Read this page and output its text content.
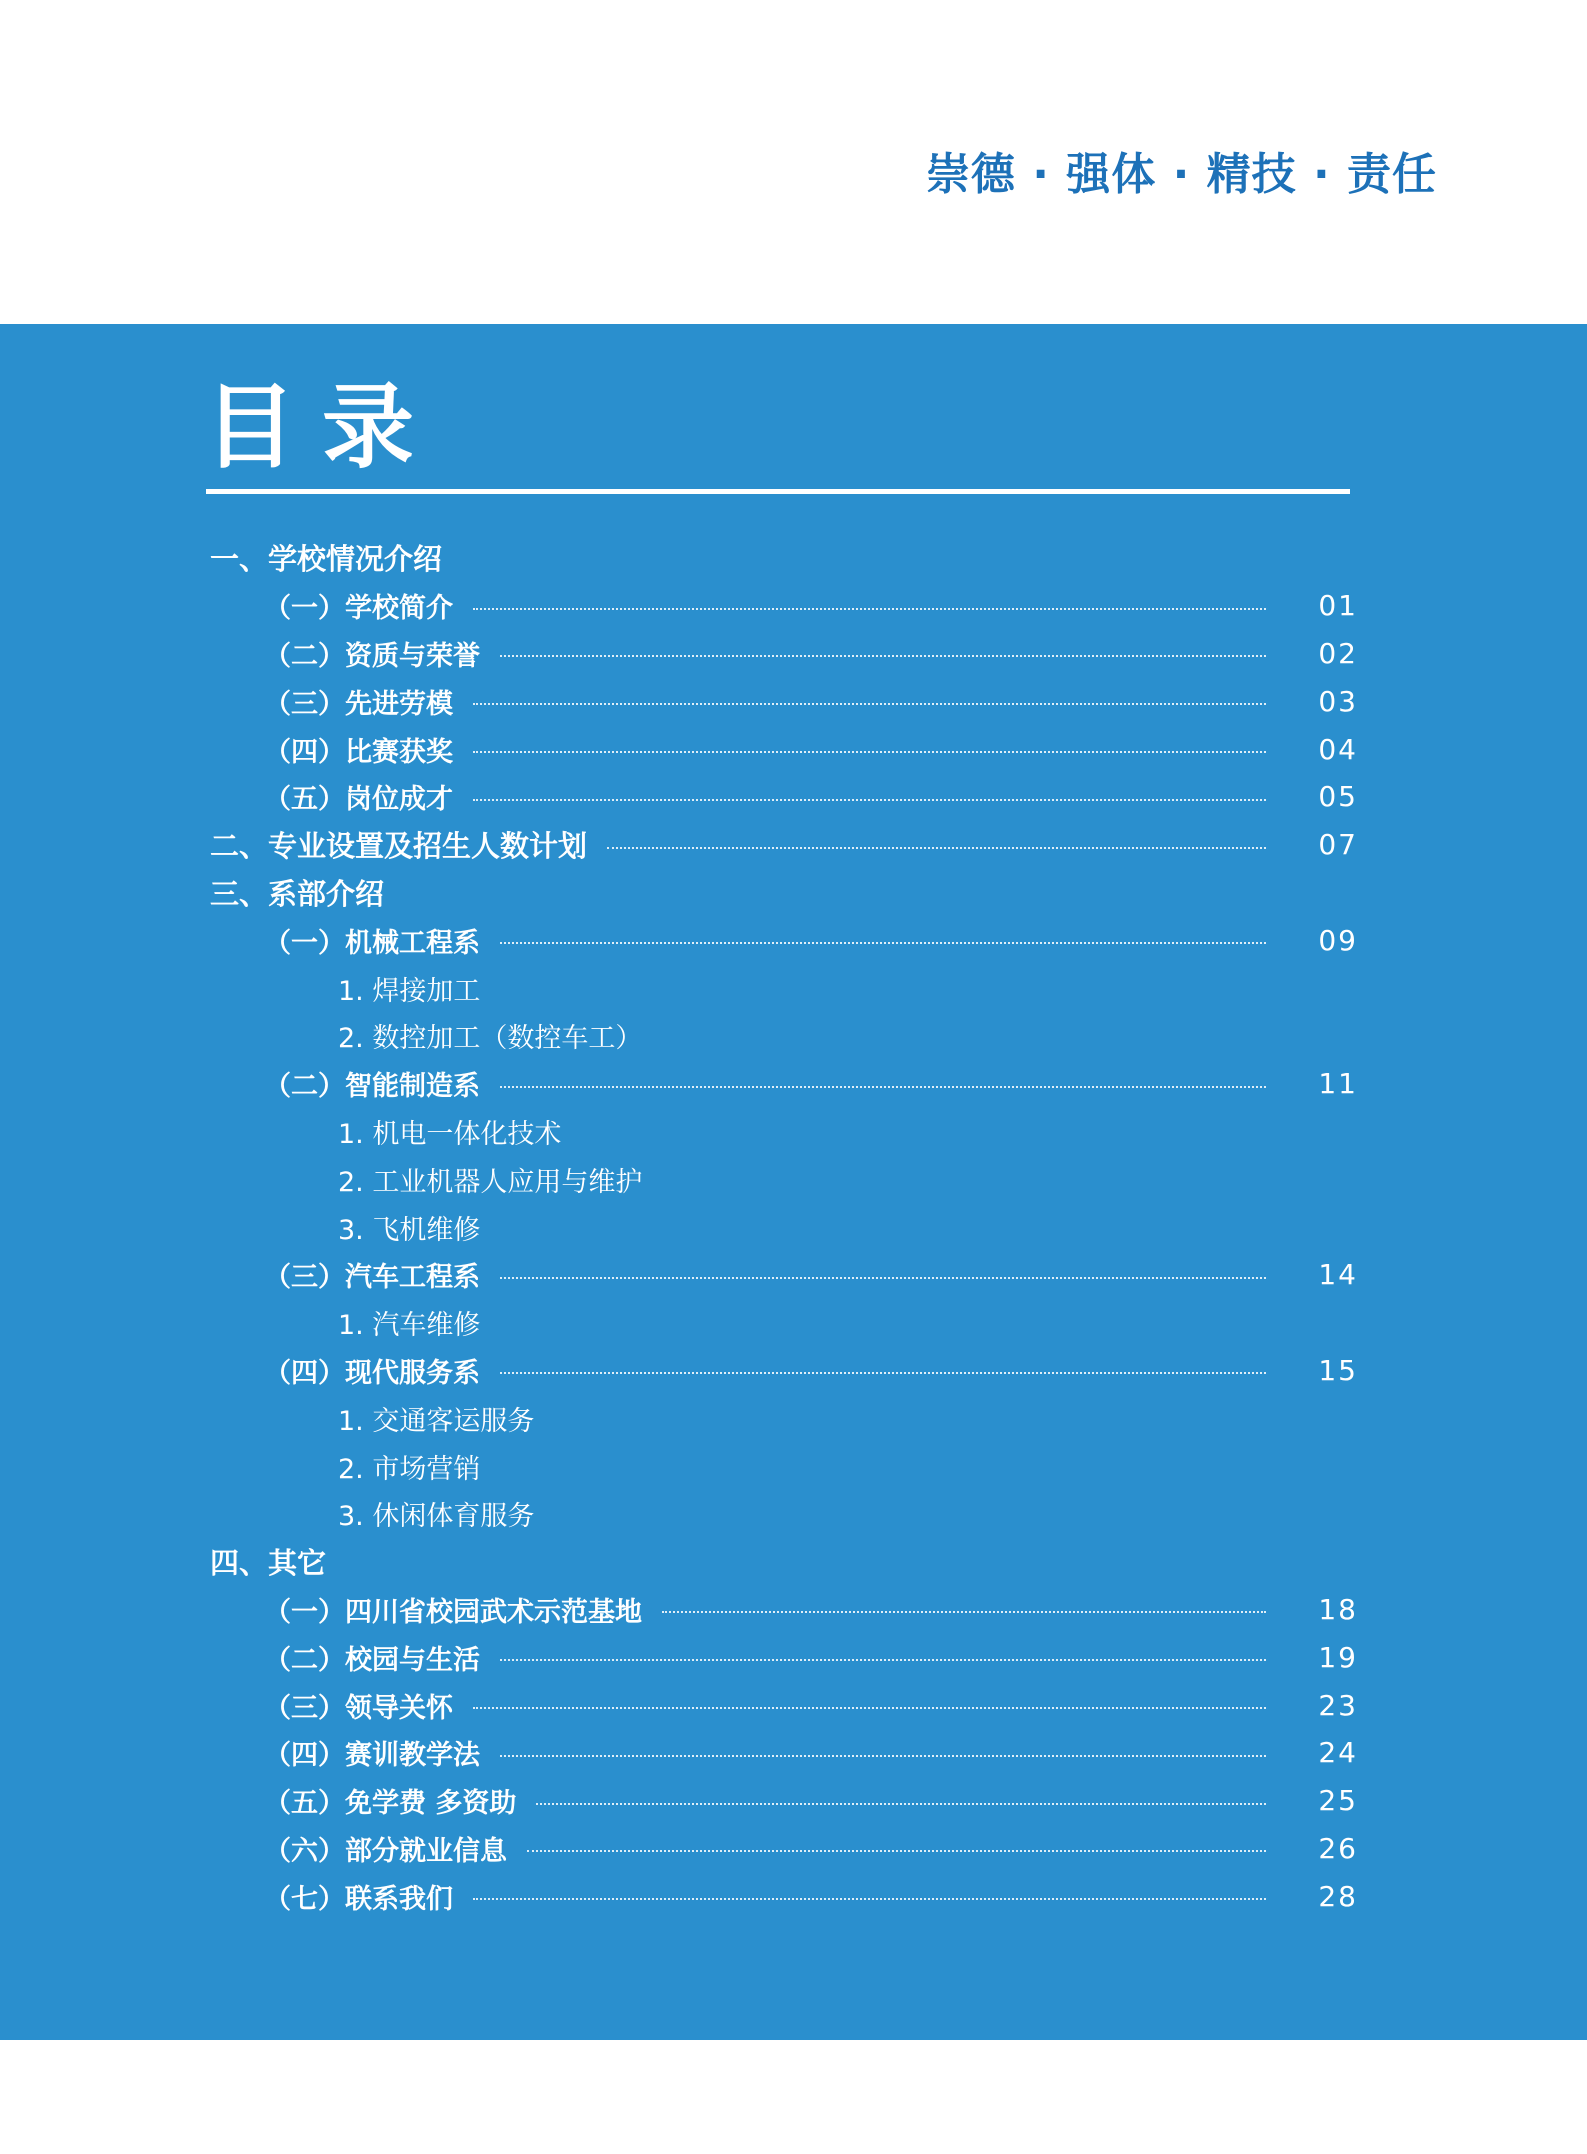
崇德 · 强体 · 精技 · 责任
目录
一、学校情况介绍
（一）学校简介	01
（二）资质与荣誉	02
（三）先进劳模	03
（四）比赛获奖	04
（五）岗位成才	05
二、专业设置及招生人数计划	07
三、系部介绍
（一）机械工程系	09
1. 焊接加工
2. 数控加工（数控车工）
（二）智能制造系	11
1. 机电一体化技术
2. 工业机器人应用与维护
3. 飞机维修
（三）汽车工程系	14
1. 汽车维修
（四）现代服务系	15
1. 交通客运服务
2. 市场营销
3. 休闲体育服务
四、其它
（一）四川省校园武术示范基地	18
（二）校园与生活	19
（三）领导关怀	23
（四）赛训教学法	24
（五）免学费 多资助	25
（六）部分就业信息	26
（七）联系我们	28
